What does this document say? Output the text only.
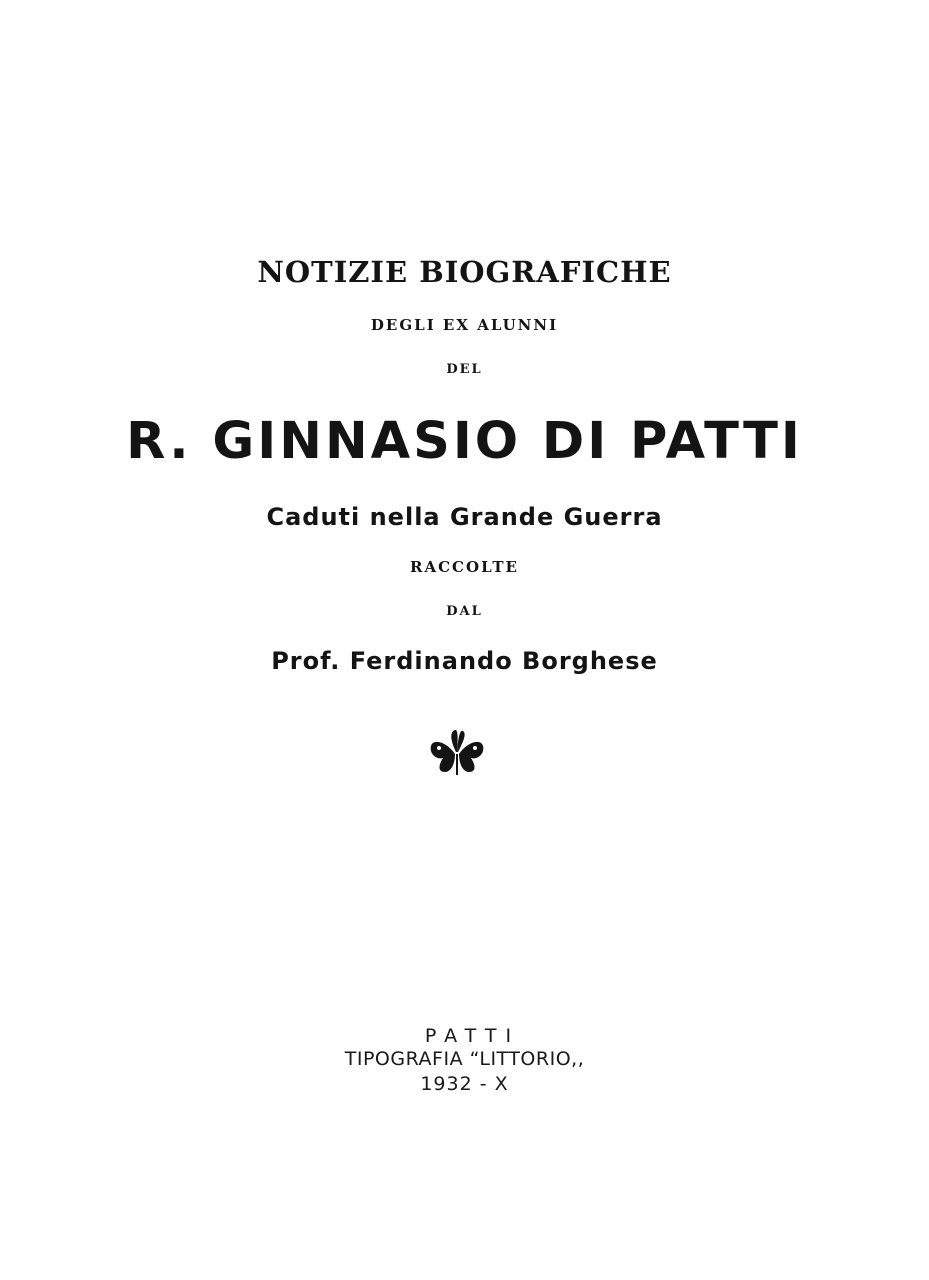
NOTIZIE BIOGRAFICHE
DEGLI EX ALUNNI
DEL
R. GINNASIO DI PATTI
Caduti nella Grande Guerra
RACCOLTE
DAL
Prof. Ferdinando Borghese
PATTI
TIPOGRAFIA “LITTORIO,,
1932 - X
